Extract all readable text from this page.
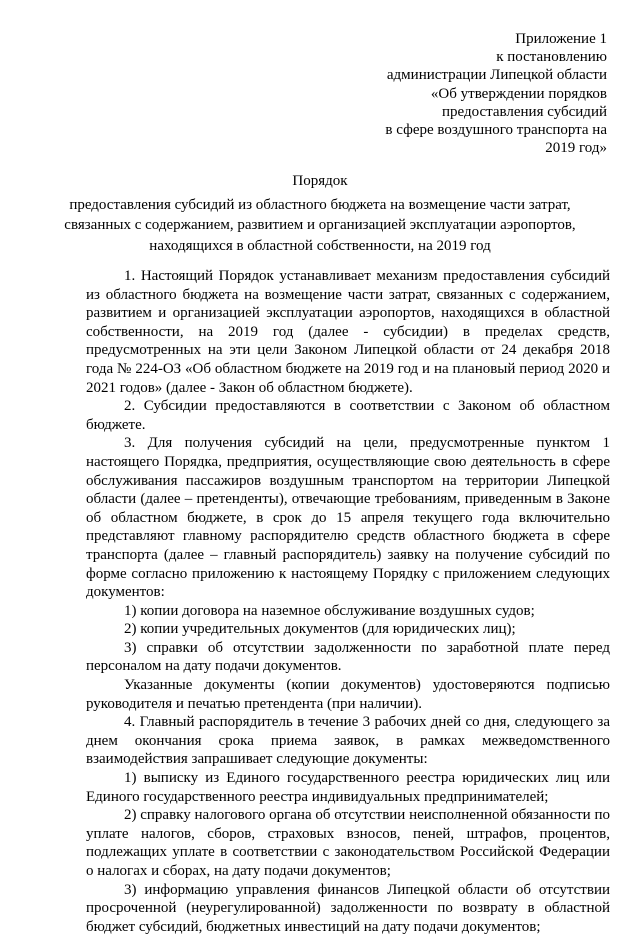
Приложение 1
к постановлению
администрации Липецкой области
«Об утверждении порядков
предоставления субсидий
в сфере воздушного транспорта на
2019 год»
Порядок
предоставления субсидий из областного бюджета на возмещение части затрат,
связанных с содержанием, развитием и организацией эксплуатации аэропортов,
находящихся в областной собственности, на 2019 год

1. Настоящий Порядок устанавливает механизм предоставления субсидий из областного бюджета на возмещение части затрат, связанных с содержанием, развитием и организацией эксплуатации аэропортов, находящихся в областной собственности, на 2019 год (далее - субсидии) в пределах средств, предусмотренных на эти цели Законом Липецкой области от 24 декабря 2018 года № 224-ОЗ «Об областном бюджете на 2019 год и на плановый период 2020 и 2021 годов» (далее - Закон об областном бюджете).

2. Субсидии предоставляются в соответствии с Законом об областном бюджете.

3. Для получения субсидий на цели, предусмотренные пунктом 1 настоящего Порядка, предприятия, осуществляющие свою деятельность в сфере обслуживания пассажиров воздушным транспортом на территории Липецкой области (далее – претенденты), отвечающие требованиям, приведенным в Законе об областном бюджете, в срок до 15 апреля текущего года включительно представляют главному распорядителю средств областного бюджета в сфере транспорта (далее – главный распорядитель) заявку на получение субсидий по форме согласно приложению к настоящему Порядку с приложением следующих документов:

1) копии договора на наземное обслуживание воздушных судов;

2) копии учредительных документов (для юридических лиц);

3) справки об отсутствии задолженности по заработной плате перед персоналом на дату подачи документов.

Указанные документы (копии документов) удостоверяются подписью руководителя и печатью претендента (при наличии).

4. Главный распорядитель в течение 3 рабочих дней со дня, следующего за днем окончания срока приема заявок, в рамках межведомственного взаимодействия запрашивает следующие документы:

1) выписку из Единого государственного реестра юридических лиц или Единого государственного реестра индивидуальных предпринимателей;

2) справку налогового органа об отсутствии неисполненной обязанности по уплате налогов, сборов, страховых взносов, пеней, штрафов, процентов, подлежащих уплате в соответствии с законодательством Российской Федерации о налогах и сборах, на дату подачи документов;

3) информацию управления финансов Липецкой области об отсутствии просроченной (неурегулированной) задолженности по возврату в областной бюджет субсидий, бюджетных инвестиций на дату подачи документов;
